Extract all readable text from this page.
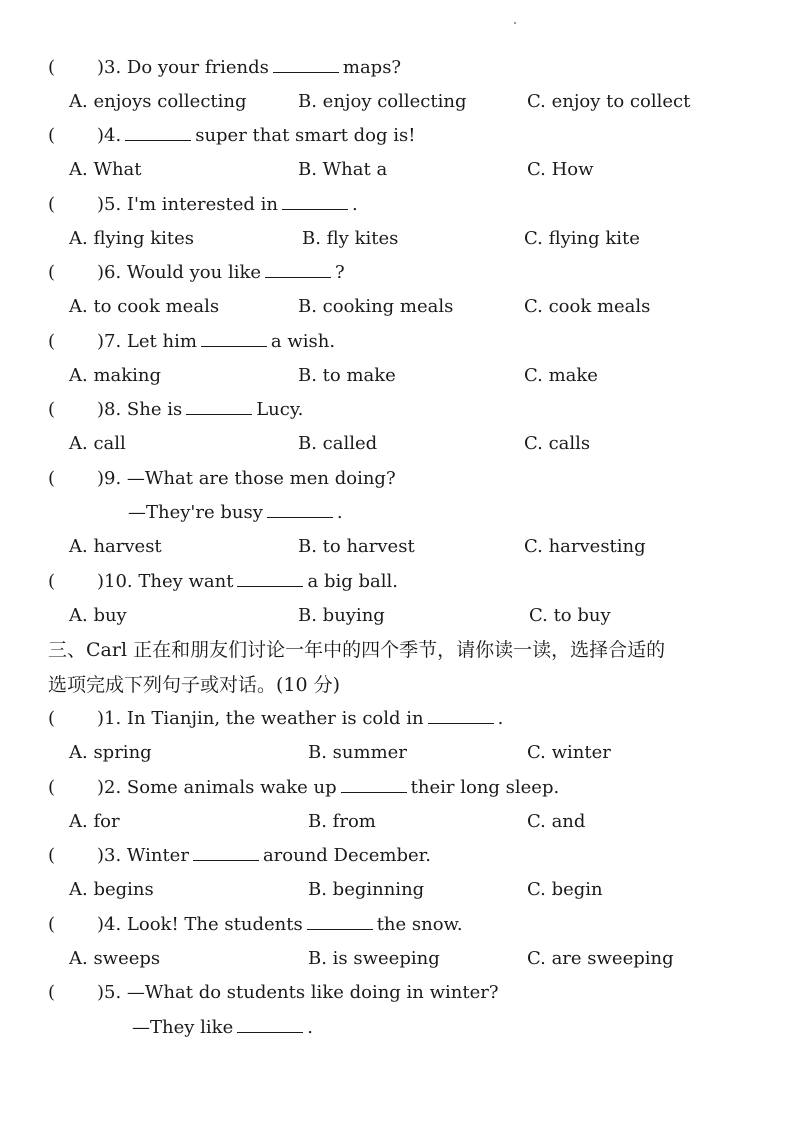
( )3. Do your friends	maps?
A. enjoys collecting	B. enjoy collecting	C. enjoy to collect
( )4.	super that smart dog is!
A. What	B. What a	C. How
( )5. I'm interested in	.
A. flying kites	B. fly kites	C. flying kite
( )6. Would you like	?
A. to cook meals	B. cooking meals	C. cook meals
( )7. Let him	a wish.
A. making	B. to make	C. make
( )8. She is	Lucy.
A. call	B. called	C. calls
( )9. —What are those men doing?
—They're busy	.
A. harvest	B. to harvest	C. harvesting
( )10. They want	a big ball.
A. buy	B. buying	C. to buy
三、Carl 正在和朋友们讨论一年中的四个季节，请你读一读，选择合适的
选项完成下列句子或对话。(10 分)
( )1. In Tianjin, the weather is cold in	.
A. spring	B. summer	C. winter
( )2. Some animals wake up	their long sleep.
A. for	B. from	C. and
( )3. Winter	around December.
A. begins	B. beginning	C. begin
( )4. Look! The students	the snow.
A. sweeps	B. is sweeping	C. are sweeping
( )5. —What do students like doing in winter?
—They like	.
